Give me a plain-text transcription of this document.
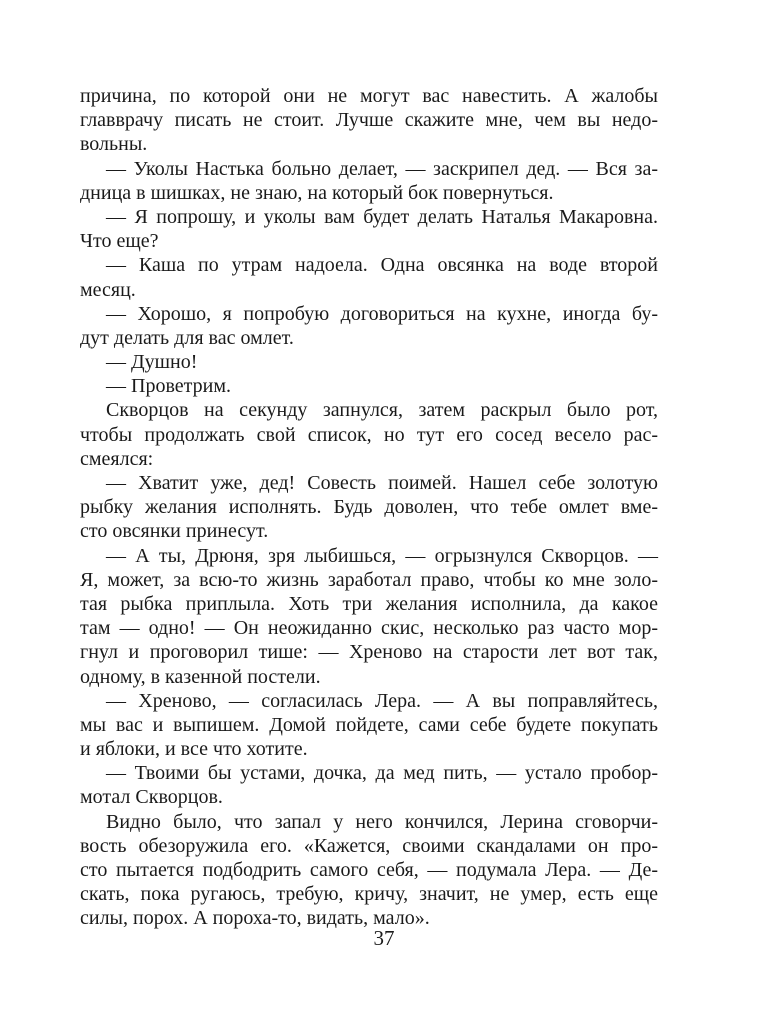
причина, по которой они не могут вас навестить. А жалобы
главврачу писать не стоит. Лучше скажите мне, чем вы недо-
вольны.
— Уколы Настька больно делает, — заскрипел дед. — Вся за-
дница в шишках, не знаю, на который бок повернуться.
— Я попрошу, и уколы вам будет делать Наталья Макаровна.
Что еще?
— Каша по утрам надоела. Одна овсянка на воде второй
месяц.
— Хорошо, я попробую договориться на кухне, иногда бу-
дут делать для вас омлет.
— Душно!
— Проветрим.
Скворцов на секунду запнулся, затем раскрыл было рот,
чтобы продолжать свой список, но тут его сосед весело рас-
смеялся:
— Хватит уже, дед! Совесть поимей. Нашел себе золотую
рыбку желания исполнять. Будь доволен, что тебе омлет вме-
сто овсянки принесут.
— А ты, Дрюня, зря лыбишься, — огрызнулся Скворцов. —
Я, может, за всю-то жизнь заработал право, чтобы ко мне золо-
тая рыбка приплыла. Хоть три желания исполнила, да какое
там — одно! — Он неожиданно скис, несколько раз часто мор-
гнул и проговорил тише: — Хреново на старости лет вот так,
одному, в казенной постели.
— Хреново, — согласилась Лера. — А вы поправляйтесь,
мы вас и выпишем. Домой пойдете, сами себе будете покупать
и яблоки, и все что хотите.
— Твоими бы устами, дочка, да мед пить, — устало пробор-
мотал Скворцов.
Видно было, что запал у него кончился, Лерина сговорчи-
вость обезоружила его. «Кажется, своими скандалами он про-
сто пытается подбодрить самого себя, — подумала Лера. — Де-
скать, пока ругаюсь, требую, кричу, значит, не умер, есть еще
силы, порох. А пороха-то, видать, мало».
37
